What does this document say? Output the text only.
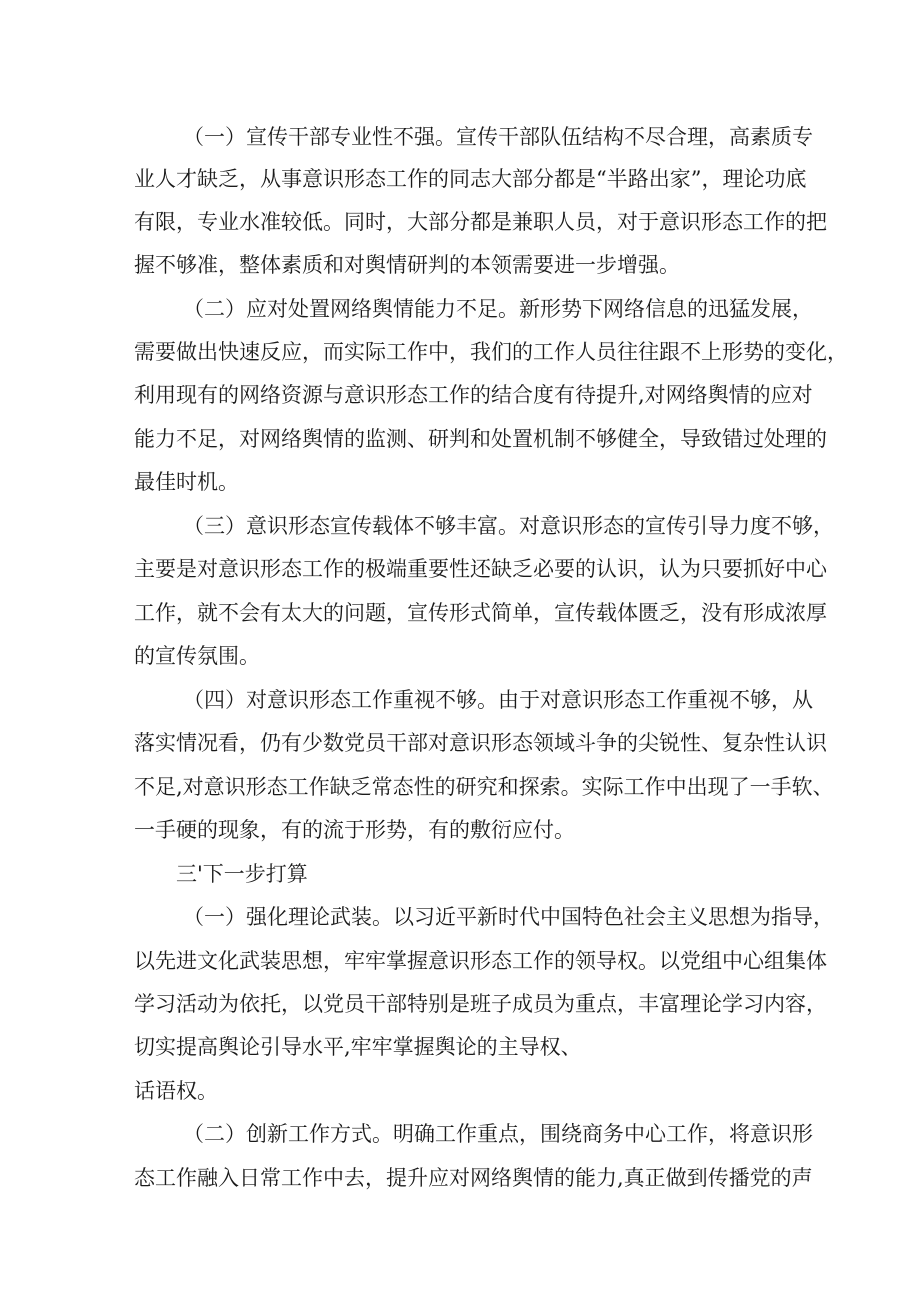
（一）宣传干部专业性不强。宣传干部队伍结构不尽合理，高素质专
业人才缺乏，从事意识形态工作的同志大部分都是“半路出家”，理论功底
有限，专业水准较低。同时，大部分都是兼职人员，对于意识形态工作的把
握不够准，整体素质和对舆情研判的本领需要进一步增强。
（二）应对处置网络舆情能力不足。新形势下网络信息的迅猛发展，
需要做出快速反应，而实际工作中，我们的工作人员往往跟不上形势的变化，
利用现有的网络资源与意识形态工作的结合度有待提升,对网络舆情的应对
能力不足，对网络舆情的监测、研判和处置机制不够健全，导致错过处理的
最佳时机。
（三）意识形态宣传载体不够丰富。对意识形态的宣传引导力度不够，
主要是对意识形态工作的极端重要性还缺乏必要的认识，认为只要抓好中心
工作，就不会有太大的问题，宣传形式简单，宣传载体匮乏，没有形成浓厚
的宣传氛围。
（四）对意识形态工作重视不够。由于对意识形态工作重视不够，从
落实情况看，仍有少数党员干部对意识形态领域斗争的尖锐性、复杂性认识
不足,对意识形态工作缺乏常态性的研究和探索。实际工作中出现了一手软、
一手硬的现象，有的流于形势，有的敷衍应付。
三'下一步打算
（一）强化理论武装。以习近平新时代中国特色社会主义思想为指导，
以先进文化武装思想，牢牢掌握意识形态工作的领导权。以党组中心组集体
学习活动为依托，以党员干部特别是班子成员为重点，丰富理论学习内容，
切实提高舆论引导水平,牢牢掌握舆论的主导权、
话语权。
（二）创新工作方式。明确工作重点，围绕商务中心工作，将意识形
态工作融入日常工作中去，提升应对网络舆情的能力,真正做到传播党的声
